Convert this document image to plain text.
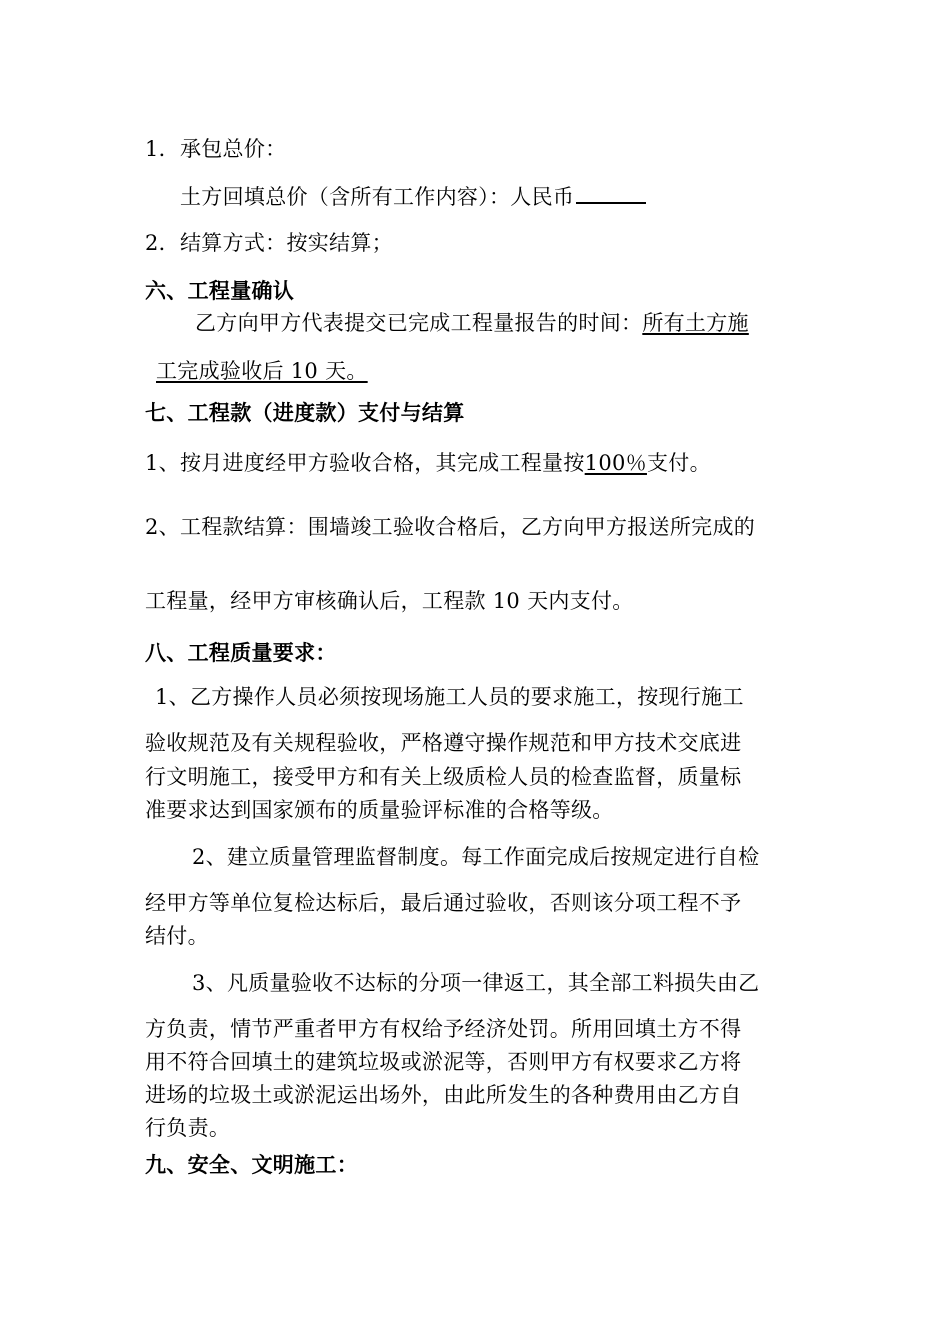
1．承包总价：
土方回填总价（含所有工作内容）：人民币
2．结算方式：按实结算；
六、工程量确认
乙方向甲方代表提交已完成工程量报告的时间：所有土方施
工完成验收后 10 天。
七、工程款（进度款）支付与结算
1、按月进度经甲方验收合格，其完成工程量按100％支付。
2、工程款结算：围墙竣工验收合格后，乙方向甲方报送所完成的
工程量，经甲方审核确认后，工程款 10 天内支付。
八、工程质量要求：
1、乙方操作人员必须按现场施工人员的要求施工，按现行施工
验收规范及有关规程验收，严格遵守操作规范和甲方技术交底进
行文明施工，接受甲方和有关上级质检人员的检查监督，质量标
准要求达到国家颁布的质量验评标准的合格等级。
2、建立质量管理监督制度。每工作面完成后按规定进行自检
经甲方等单位复检达标后，最后通过验收，否则该分项工程不予
结付。
3、凡质量验收不达标的分项一律返工，其全部工料损失由乙
方负责，情节严重者甲方有权给予经济处罚。所用回填土方不得
用不符合回填土的建筑垃圾或淤泥等，否则甲方有权要求乙方将
进场的垃圾土或淤泥运出场外，由此所发生的各种费用由乙方自
行负责。
九、安全、文明施工：
